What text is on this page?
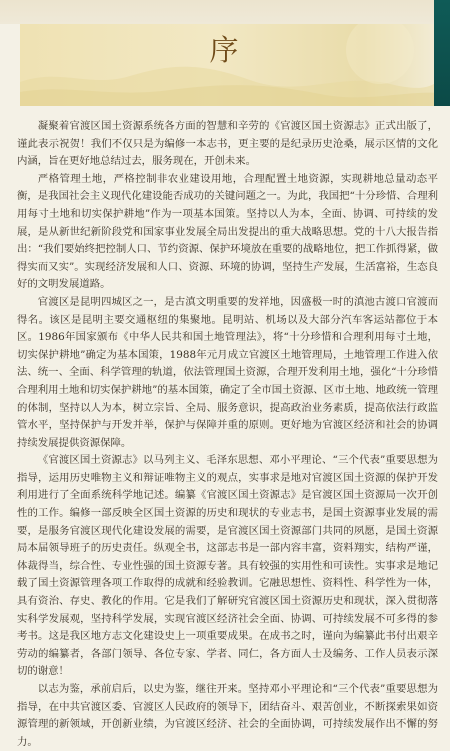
序

凝聚着官渡区国土资源系统各方面的智慧和辛劳的《官渡区国土资源志》正式出版了，谨此表示祝贺！我们不仅只是为编修一本志书，更主要的是纪录历史沧桑，展示区情的文化内涵，旨在更好地总结过去，服务现在，开创未来。

严格管理土地，严格控制非农业建设用地，合理配置土地资源，实现耕地总量动态平衡，是我国社会主义现代化建设能否成功的关键问题之一。为此，我国把“十分珍惜、合理利用每寸土地和切实保护耕地”作为一项基本国策。坚持以人为本，全面、协调、可持续的发展，是从新世纪新阶段党和国家事业发展全局出发提出的重大战略思想。党的十八大报告指出：“我们要始终把控制人口、节约资源、保护环境放在重要的战略地位，把工作抓得紧，做得实而又实”。实现经济发展和人口、资源、环境的协调，坚持生产发展，生活富裕，生态良好的文明发展道路。

官渡区是昆明四城区之一，是古滇文明重要的发祥地，因盛极一时的滇池古渡口官渡而得名。该区是昆明主要交通枢纽的集聚地。昆明站、机场以及大部分汽车客运站都位于本区。1986年国家颁布《中华人民共和国土地管理法》，将“十分珍惜和合理利用每寸土地，切实保护耕地”确定为基本国策，1988年元月成立官渡区土地管理局，土地管理工作进入依法、统一、全面、科学管理的轨道，依法管理国土资源，合理开发利用土地，强化“十分珍惜合理利用土地和切实保护耕地”的基本国策，确定了全市国土资源、区市土地、地政统一管理的体制，坚持以人为本，树立宗旨、全局、服务意识，提高政治业务素质，提高依法行政监管水平，坚持保护与开发并举，保护与保障并重的原则。更好地为官渡区经济和社会的协调持续发展提供资源保障。

《官渡区国土资源志》以马列主义、毛泽东思想、邓小平理论、“三个代表”重要思想为指导，运用历史唯物主义和辩证唯物主义的观点，实事求是地对官渡区国土资源的保护开发利用进行了全面系统科学地记述。编纂《官渡区国土资源志》是官渡区国土资源局一次开创性的工作。编修一部反映全区国土资源的历史和现状的专业志书，是国土资源事业发展的需要，是服务官渡区现代化建设发展的需要，是官渡区国土资源部门共同的夙愿，是国土资源局本届领导班子的历史责任。纵观全书，这部志书是一部内容丰富，资料翔实，结构严谨，体裁得当，综合性、专业性强的国土资源专著。具有较强的实用性和可读性。实事求是地记载了国土资源管理各项工作取得的成就和经验教训。它融思想性、资料性、科学性为一体，具有资治、存史、教化的作用。它是我们了解研究官渡区国土资源历史和现状，深入贯彻落实科学发展观，坚持科学发展，实现官渡区经济社会全面、协调、可持续发展不可多得的参考书。这是我区地方志文化建设史上一项重要成果。在成书之时，谨向为编纂此书付出艰辛劳动的编纂者，各部门领导、各位专家、学者、同仁，各方面人士及编务、工作人员表示深切的谢意！

以志为鉴，承前启后，以史为鉴，继往开来。坚持邓小平理论和“三个代表”重要思想为指导，在中共官渡区委、官渡区人民政府的领导下，团结奋斗、艰苦创业，不断探索果如资源管理的新领域，开创新业绩，为官渡区经济、社会的全面协调，可持续发展作出不懈的努力。
